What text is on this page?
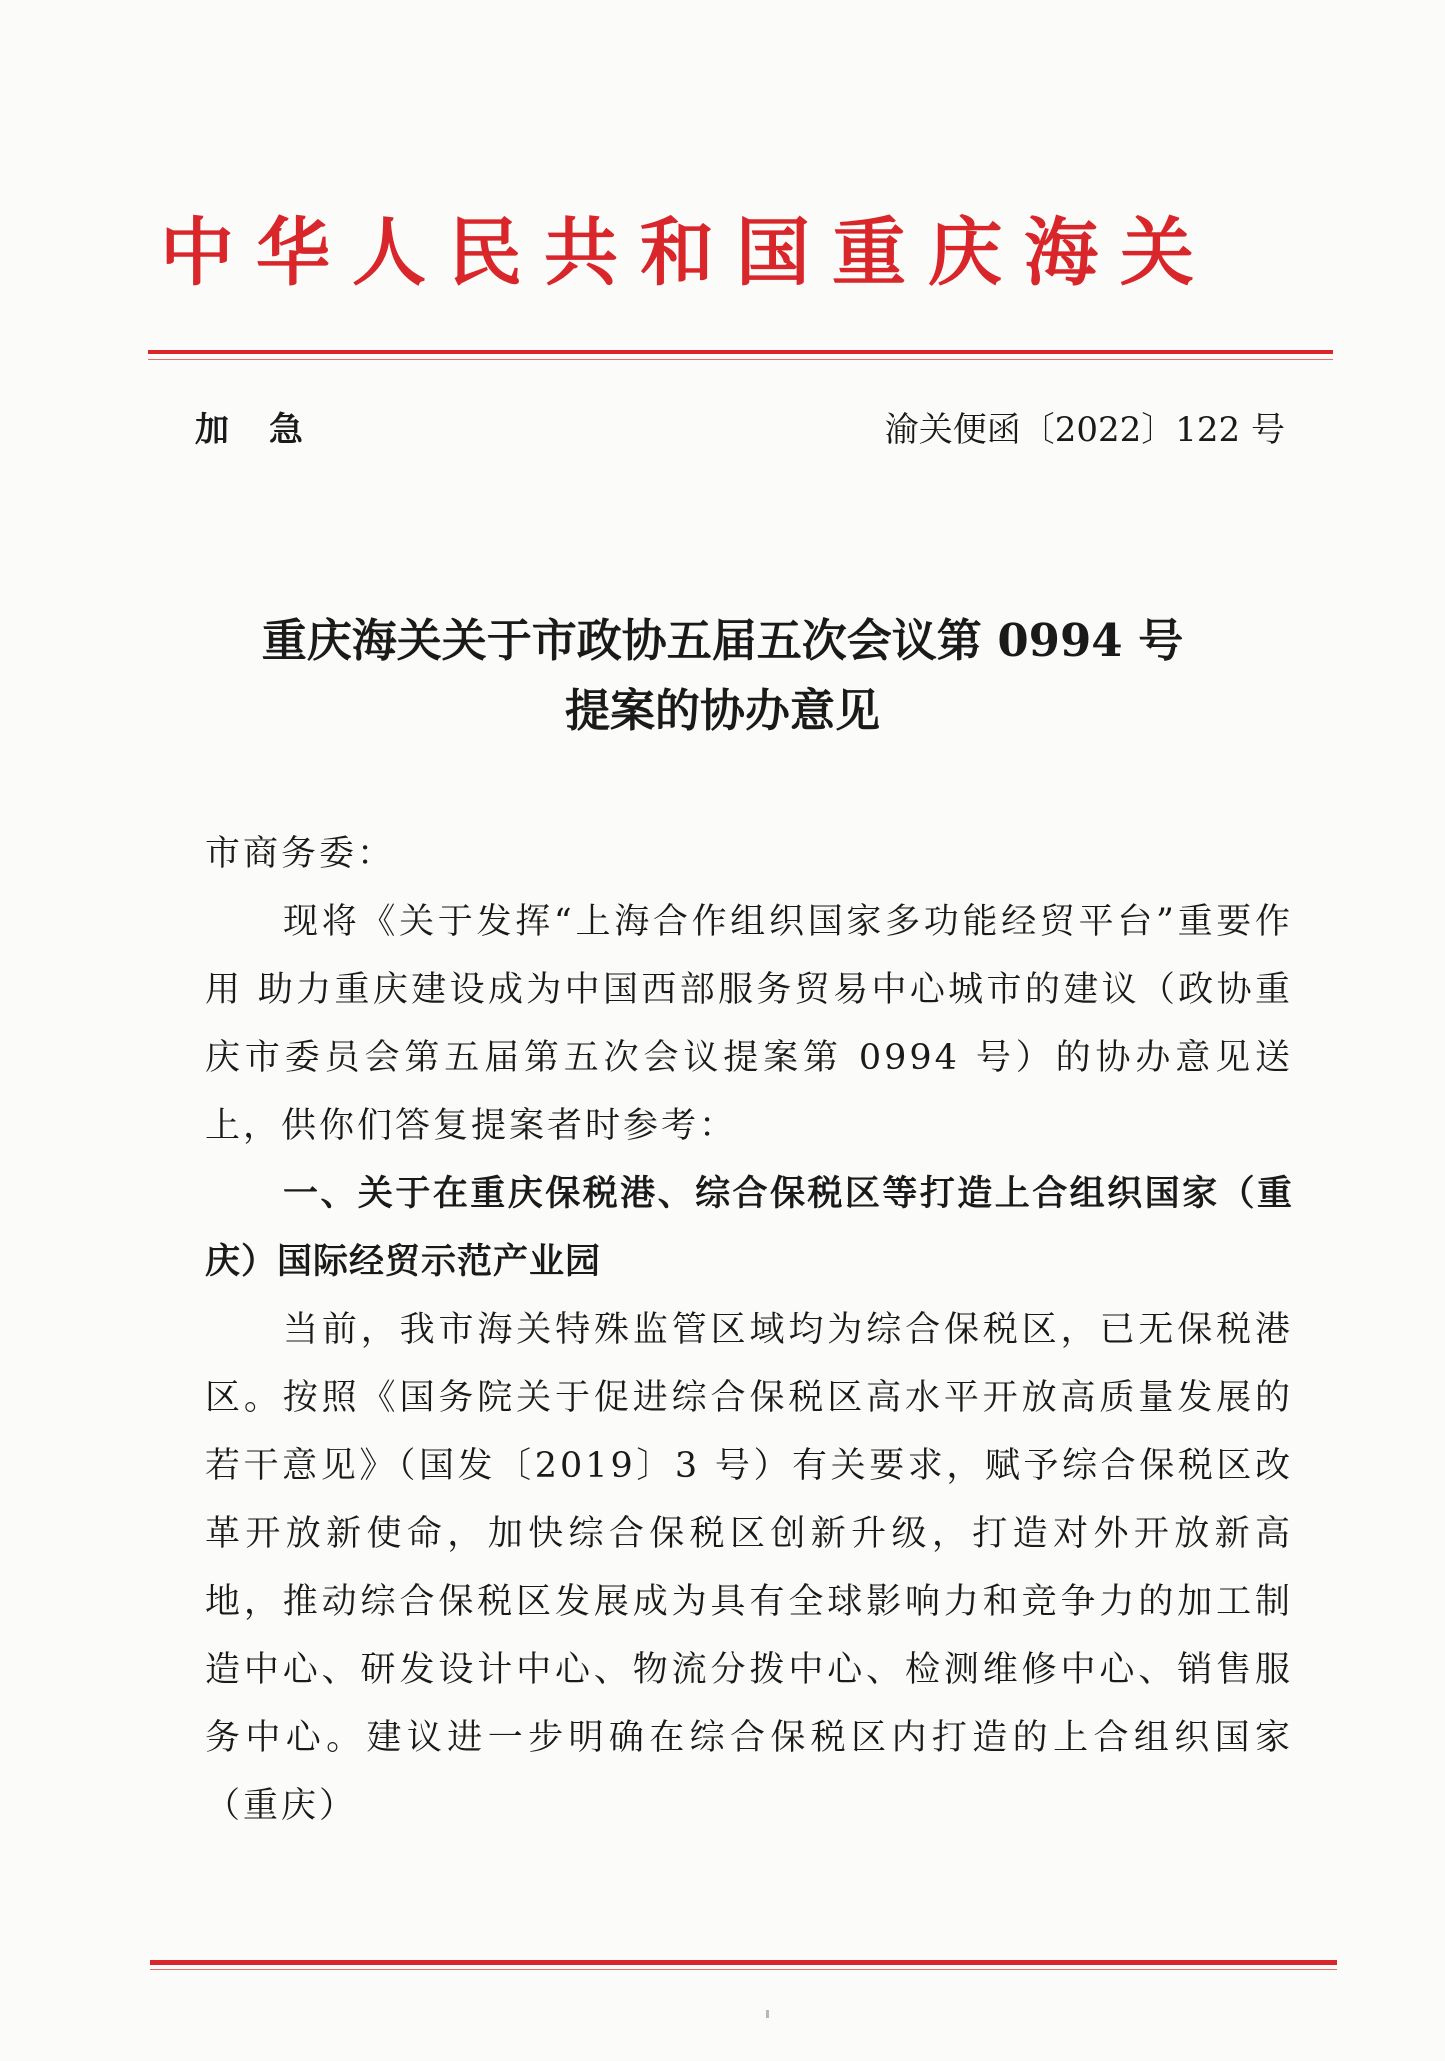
中华人民共和国重庆海关
加急	渝关便函〔2022〕122 号
重庆海关关于市政协五届五次会议第 0994 号
提案的协办意见

市商务委：

现将《关于发挥“上海合作组织国家多功能经贸平台”重要作用 助力重庆建设成为中国西部服务贸易中心城市的建议（政协重庆市委员会第五届第五次会议提案第 0994 号）的协办意见送上，供你们答复提案者时参考：

一、关于在重庆保税港、综合保税区等打造上合组织国家（重庆）国际经贸示范产业园

当前，我市海关特殊监管区域均为综合保税区，已无保税港区。按照《国务院关于促进综合保税区高水平开放高质量发展的若干意见》（国发〔2019〕3 号）有关要求，赋予综合保税区改革开放新使命，加快综合保税区创新升级，打造对外开放新高地，推动综合保税区发展成为具有全球影响力和竞争力的加工制造中心、研发设计中心、物流分拨中心、检测维修中心、销售服务中心。建议进一步明确在综合保税区内打造的上合组织国家（重庆）
